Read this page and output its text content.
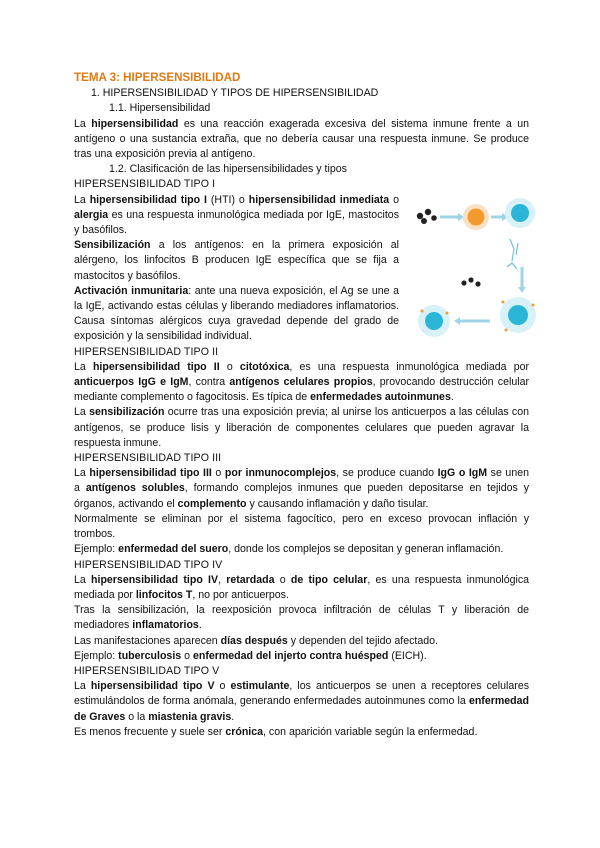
TEMA 3: HIPERSENSIBILIDAD

1. HIPERSENSIBILIDAD Y TIPOS DE HIPERSENSIBILIDAD

1.1. Hipersensibilidad

La hipersensibilidad es una reacción exagerada excesiva del sistema inmune frente a un antígeno o una sustancia extraña, que no debería causar una respuesta inmune. Se produce tras una exposición previa al antígeno.

1.2. Clasificación de las hipersensibilidades y tipos

HIPERSENSIBILIDAD TIPO I

La hipersensibilidad tipo I (HTI) o hipersensibilidad inmediata o alergia es una respuesta inmunológica mediada por IgE, mastocitos y basófilos.

Sensibilización a los antígenos: en la primera exposición al alérgeno, los linfocitos B producen IgE específica que se fija a mastocitos y basófilos.

Activación inmunitaria: ante una nueva exposición, el Ag se une a la IgE, activando estas células y liberando mediadores inflamatorios. Causa síntomas alérgicos cuya gravedad depende del grado de exposición y la sensibilidad individual.

HIPERSENSIBILIDAD TIPO II

La hipersensibilidad tipo II o citotóxica, es una respuesta inmunológica mediada por anticuerpos IgG e IgM, contra antígenos celulares propios, provocando destrucción celular mediante complemento o fagocitosis. Es típica de enfermedades autoinmunes.

La sensibilización ocurre tras una exposición previa; al unirse los anticuerpos a las células con antígenos, se produce lisis y liberación de componentes celulares que pueden agravar la respuesta inmune.

HIPERSENSIBILIDAD TIPO III

La hipersensibilidad tipo III o por inmunocomplejos, se produce cuando IgG o IgM se unen a antígenos solubles, formando complejos inmunes que pueden depositarse en tejidos y órganos, activando el complemento y causando inflamación y daño tisular.

Normalmente se eliminan por el sistema fagocítico, pero en exceso provocan inflación y trombos.

Ejemplo: enfermedad del suero, donde los complejos se depositan y generan inflamación.

HIPERSENSIBILIDAD TIPO IV

La hipersensibilidad tipo IV, retardada o de tipo celular, es una respuesta inmunológica mediada por linfocitos T, no por anticuerpos.

Tras la sensibilización, la reexposición provoca infiltración de células T y liberación de mediadores inflamatorios.

Las manifestaciones aparecen días después y dependen del tejido afectado.

Ejemplo: tuberculosis o enfermedad del injerto contra huésped (EICH).

HIPERSENSIBILIDAD TIPO V

La hipersensibilidad tipo V o estimulante, los anticuerpos se unen a receptores celulares estimulándolos de forma anómala, generando enfermedades autoinmunes como la enfermedad de Graves o la miastenia gravis.

Es menos frecuente y suele ser crónica, con aparición variable según la enfermedad.
